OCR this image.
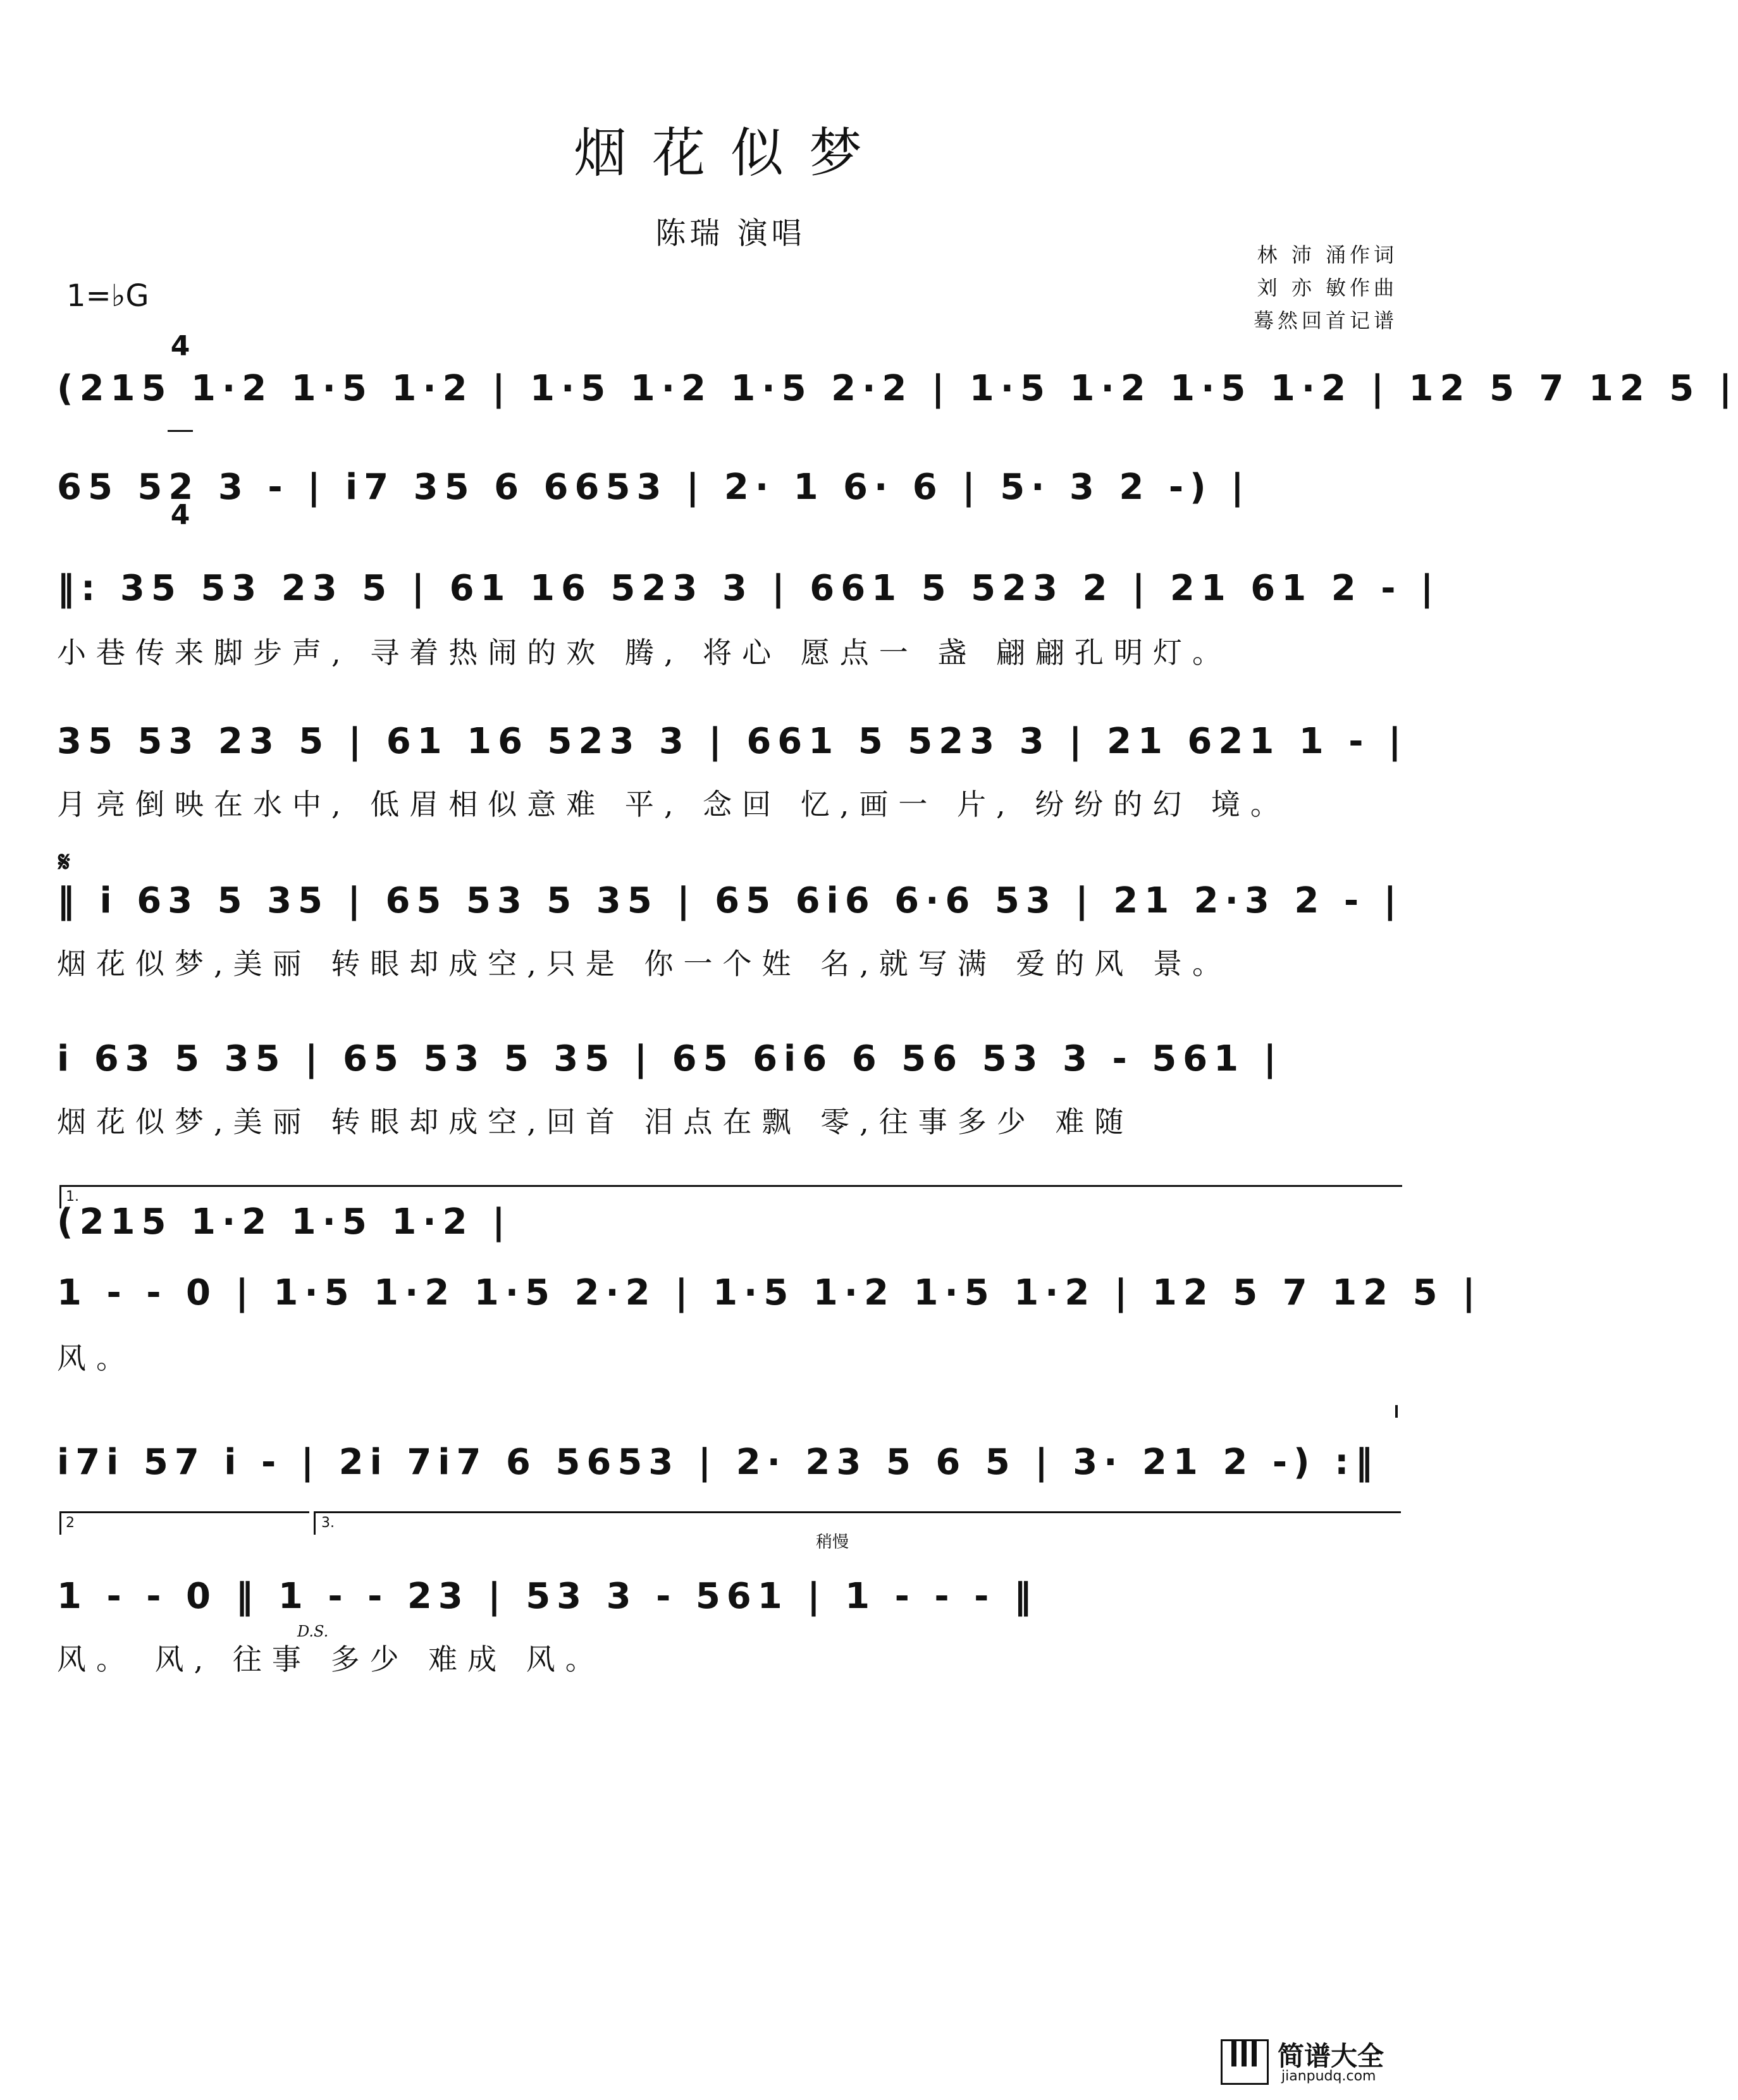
烟花似梦
陈瑞 演唱
林 沛 涌作词
刘 亦 敏作曲
蓦然回首记谱
1=♭G

4

4

(215 1·2 1·5 1·2 | 1·5 1·2 1·5 2·2 | 1·5 1·2 1·5 1·2 | 12 5 7 12 5 |
65 52 3 - | i7 35 6 6653 | 2· 1 6· 6 | 5· 3 2 -) |
‖: 35 53 23 5 | 61 16 523 3 | 661 5 523 2 | 21 61 2 - |
小巷传来脚步声, 寻着热闹的欢 腾, 将心 愿点一 盏 翩翩孔明灯。
35 53 23 5 | 61 16 523 3 | 661 5 523 3 | 21 621 1 - |
月亮倒映在水中, 低眉相似意难 平, 念回 忆,画一 片, 纷纷的幻 境。
𝄋
‖ i 63 5 35 | 65 53 5 35 | 65 6i6 6·6 53 | 21 2·3 2 - |
烟花似梦,美丽 转眼却成空,只是 你一个姓 名,就写满 爱的风 景。
i 63 5 35 | 65 53 5 35 | 65 6i6 6 56 53 3 - 561 |
烟花似梦,美丽 转眼却成空,回首 泪点在飘 零,往事多少 难随
1.
(215 1·2 1·5 1·2 |
1 - - 0 | 1·5 1·2 1·5 2·2 | 1·5 1·2 1·5 1·2 | 12 5 7 12 5 |
风。
i7i 57 i - | 2i 7i7 6 5653 | 2· 23 5 6 5 | 3· 21 2 -) :‖
2	3.
稍慢
1 - - 0 ‖ 1 - - 23 | 53 3 - 561 | 1 - - - ‖
D.S.
风。 风, 往事 多少 难成 风。

简谱大全

jianpudq.com
